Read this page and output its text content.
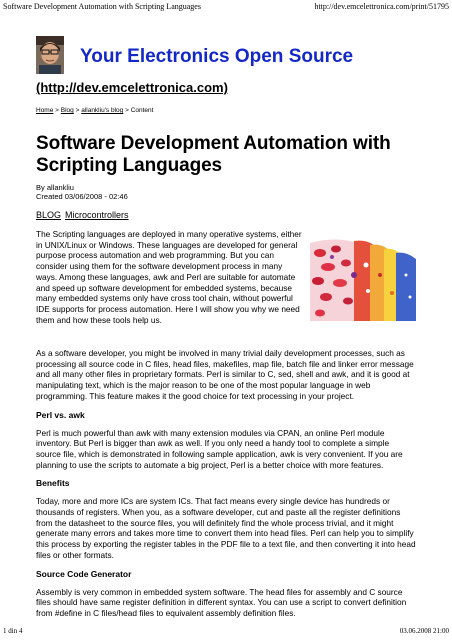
Software Development Automation with Scripting Languages	http://dev.emcelettronica.com/print/51795
Your Electronics Open Source
(http://dev.emcelettronica.com)
Home > Blog > allankliu's blog > Content
Software Development Automation with Scripting Languages
By allankliu
Created 03/06/2008 - 02:46
BLOG Microcontrollers

The Scripting languages are deployed in many operative systems, either in UNIX/Linux or Windows. These languages are developed for general purpose process automation and web programming. But you can consider using them for the software development process in many ways. Among these languages, awk and Perl are suitable for automate and speed up software development for embedded systems, because many embedded systems only have cross tool chain, without powerful IDE supports for process automation. Here I will show you why we need them and how these tools help us.

As a software developer, you might be involved in many trivial daily development processes, such as processing all source code in C files, head files, makefiles, map file, batch file and linker error message and all many other files in proprietary formats. Perl is similar to C, sed, shell and awk, and it is good at manipulating text, which is the major reason to be one of the most popular language in web programming. This feature makes it the good choice for text processing in your project.

Perl vs. awk

Perl is much powerful than awk with many extension modules via CPAN, an online Perl module inventory. But Perl is bigger than awk as well. If you only need a handy tool to complete a simple source file, which is demonstrated in following sample application, awk is very convenient. If you are planning to use the scripts to automate a big project, Perl is a better choice with more features.

Benefits

Today, more and more ICs are system ICs. That fact means every single device has hundreds or thousands of registers. When you, as a software developer, cut and paste all the register definitions from the datasheet to the source files, you will definitely find the whole process trivial, and it might generate many errors and takes more time to convert them into head files. Perl can help you to simplify this process by exporting the register tables in the PDF file to a text file, and then converting it into head files or other formats.

Source Code Generator

Assembly is very common in embedded system software. The head files for assembly and C source files should have same register definition in different syntax. You can use a script to convert definition from #define in C files/head files to equivalent assembly definition files.

1 din 4	03.06.2008 21:00
